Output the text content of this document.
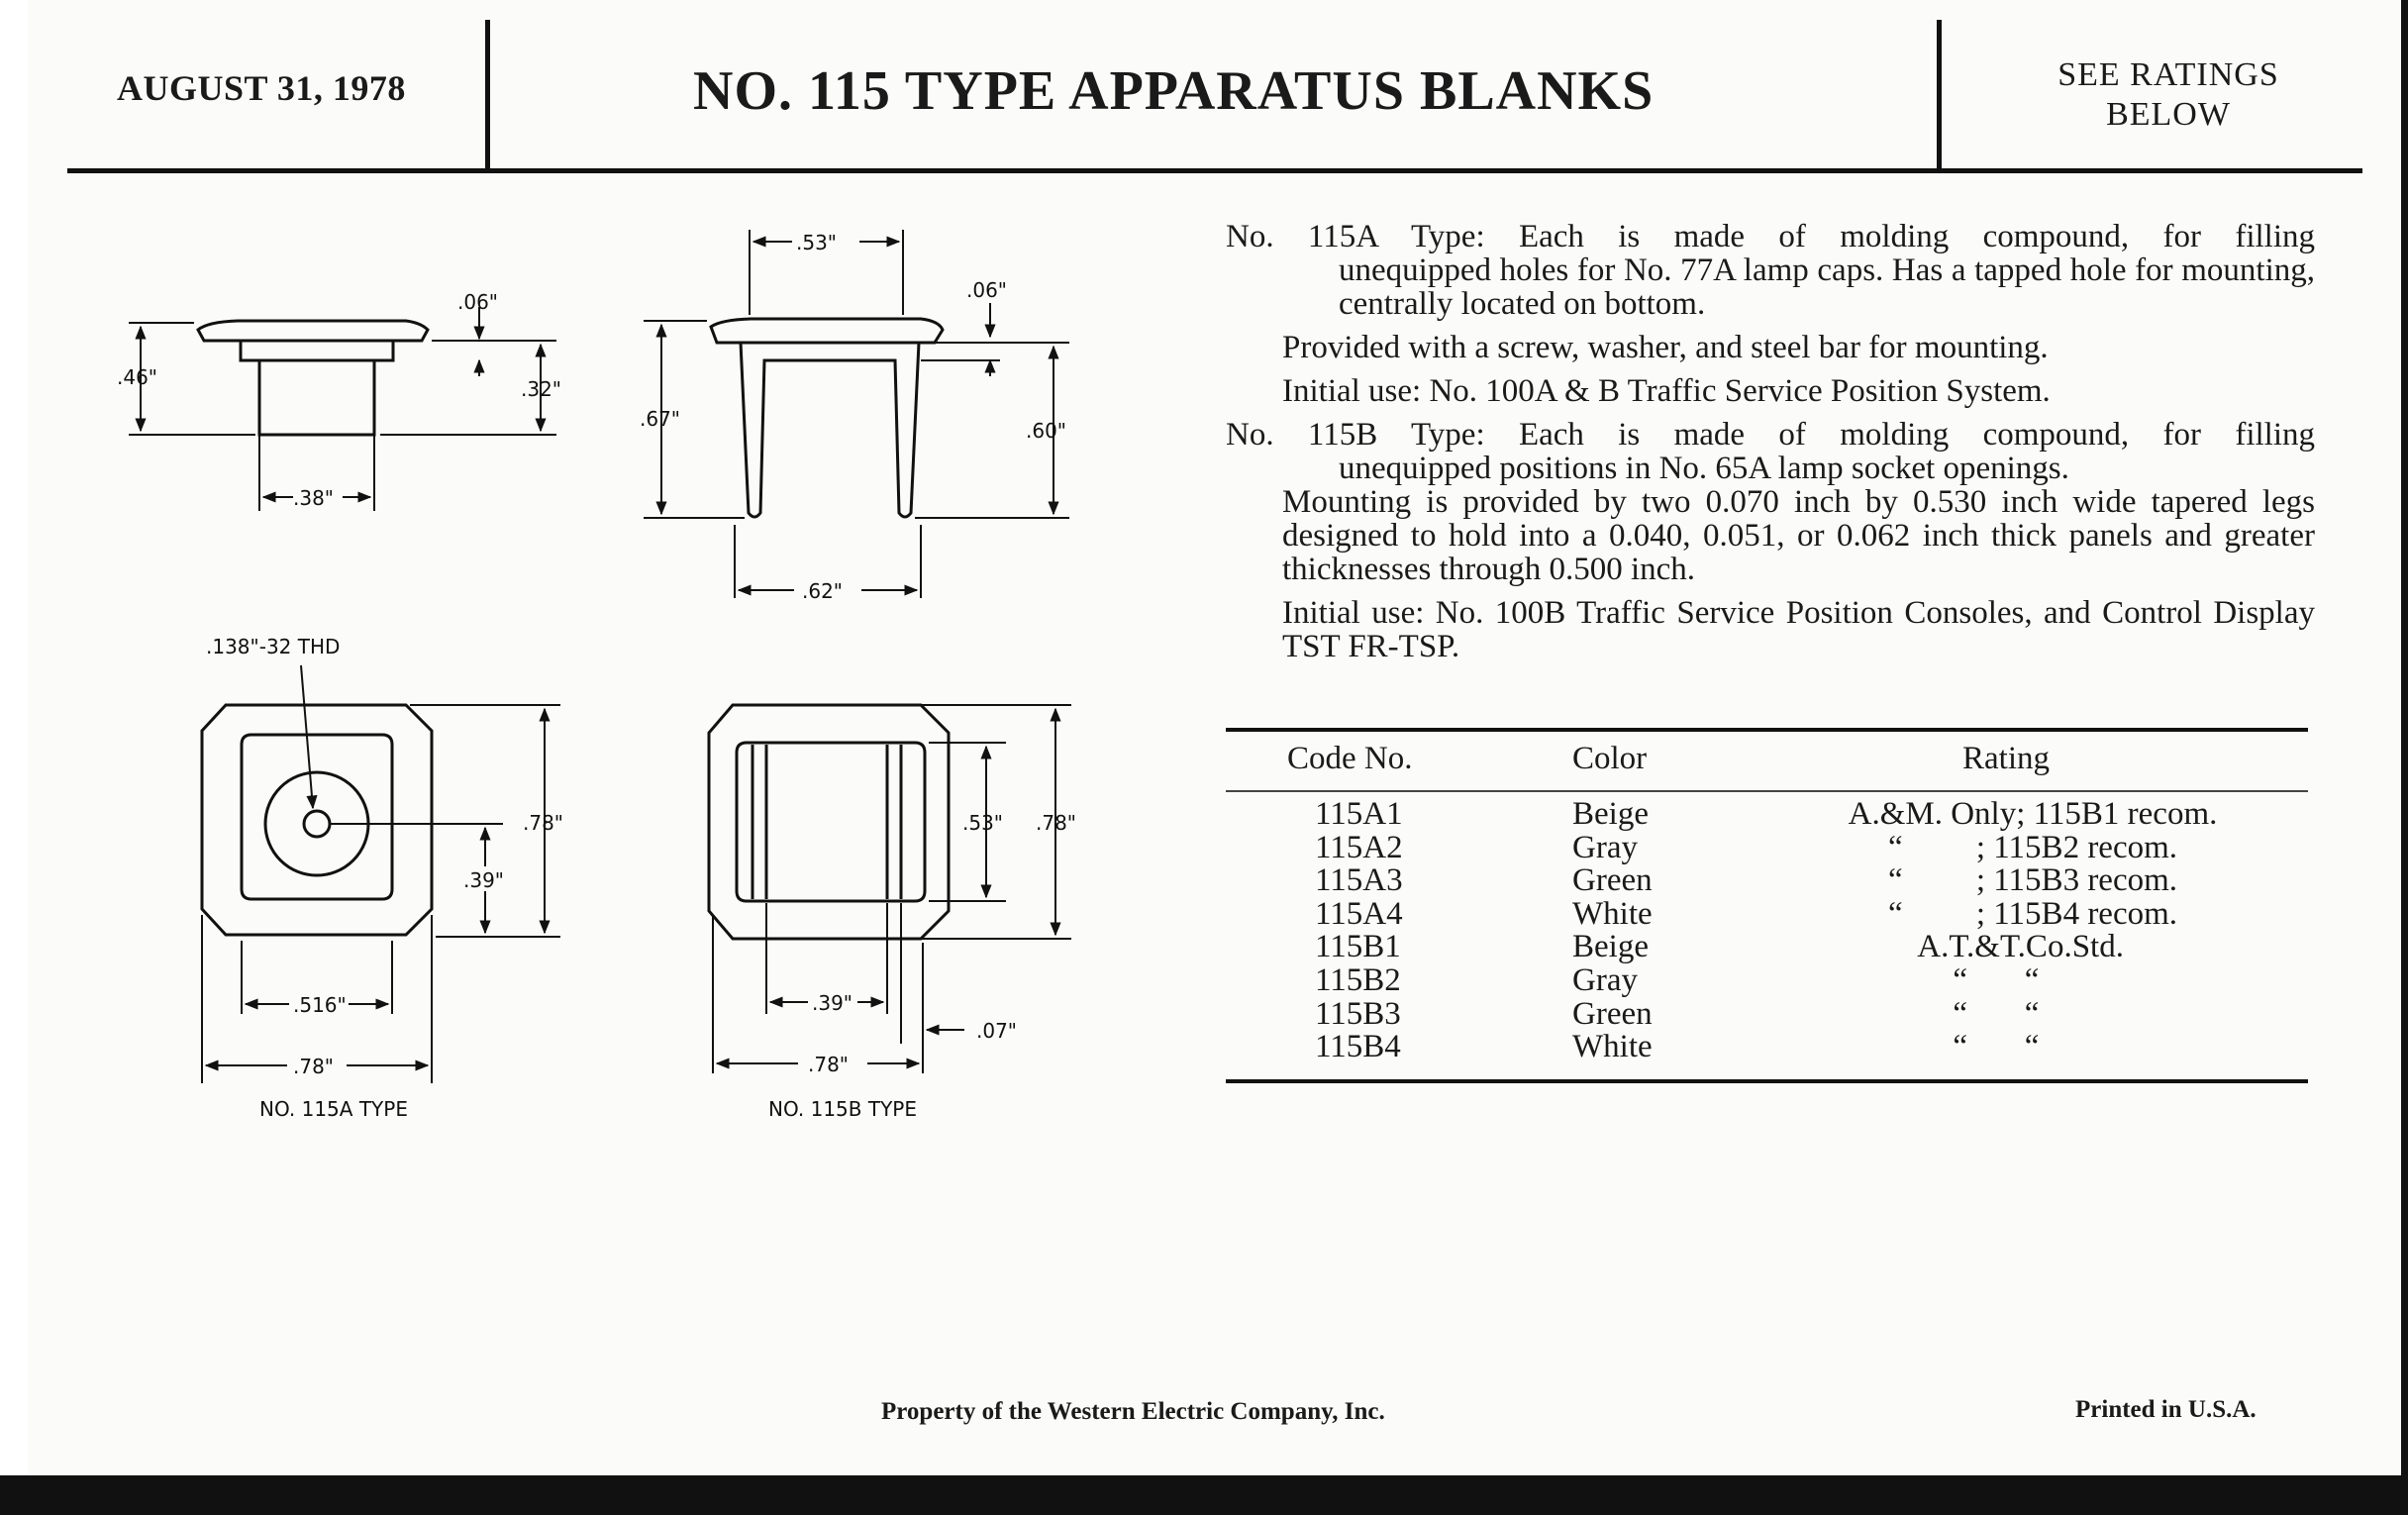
AUGUST 31, 1978	NO. 115 TYPE APPARATUS BLANKS	SEE RATINGS
BELOW
.06"
.46"	.32"
.38"
.53"
.06"
.67"	.60"
.62"
.138"-32 THD
.78"
.39"
.516"
.78"
NO. 115A TYPE
.53" .78"
.39"
.07"
.78"
NO. 115B TYPE

No. 115A Type: Each is made of molding compound, for filling

unequipped holes for No. 77A lamp caps. Has a tapped hole for mounting, centrally located on bottom.

Provided with a screw, washer, and steel bar for mounting.

Initial use: No. 100A & B Traffic Service Position System.

No. 115B Type: Each is made of molding compound, for filling

unequipped positions in No. 65A lamp socket openings.

Mounting is provided by two 0.070 inch by 0.530 inch wide tapered legs designed to hold into a 0.040, 0.051, or 0.062 inch thick panels and greater thicknesses through 0.500 inch.

Initial use: No. 100B Traffic Service Position Consoles, and Control Display TST FR-TSP.

Code No.	Color	Rating
115A1	Beige	A.&M. Only; 115B1 recom.
115A2	Gray	“         ; 115B2 recom.
115A3	Green	“         ; 115B3 recom.
115A4	White	“         ; 115B4 recom.
115B1	Beige	A.T.&T.Co.Std.
115B2	Gray	“       “
115B3	Green	“       “
115B4	White	“       “
Property of the Western Electric Company, Inc.	Printed in U.S.A.
